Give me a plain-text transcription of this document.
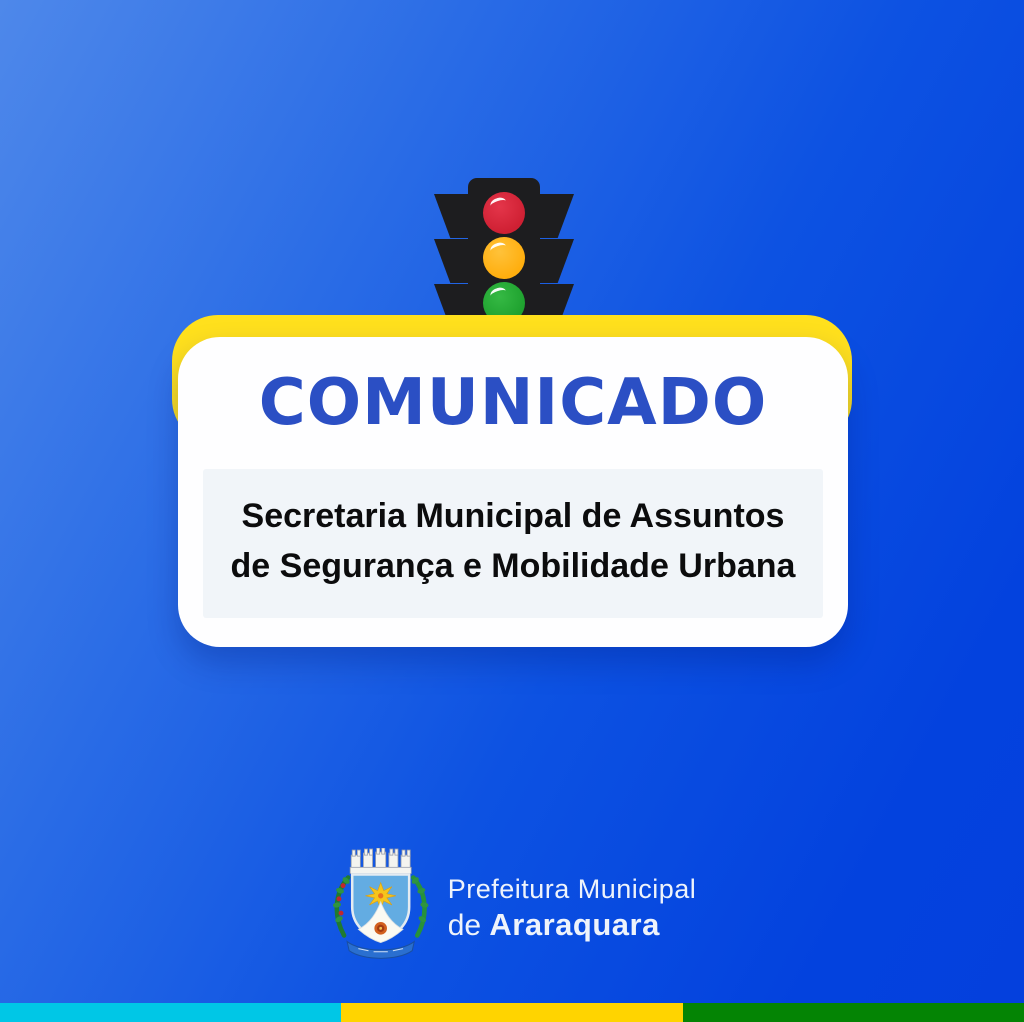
COMUNICADO

Secretaria Municipal de Assuntos

de Segurança e Mobilidade Urbana

Prefeitura Municipal
de Araraquara
